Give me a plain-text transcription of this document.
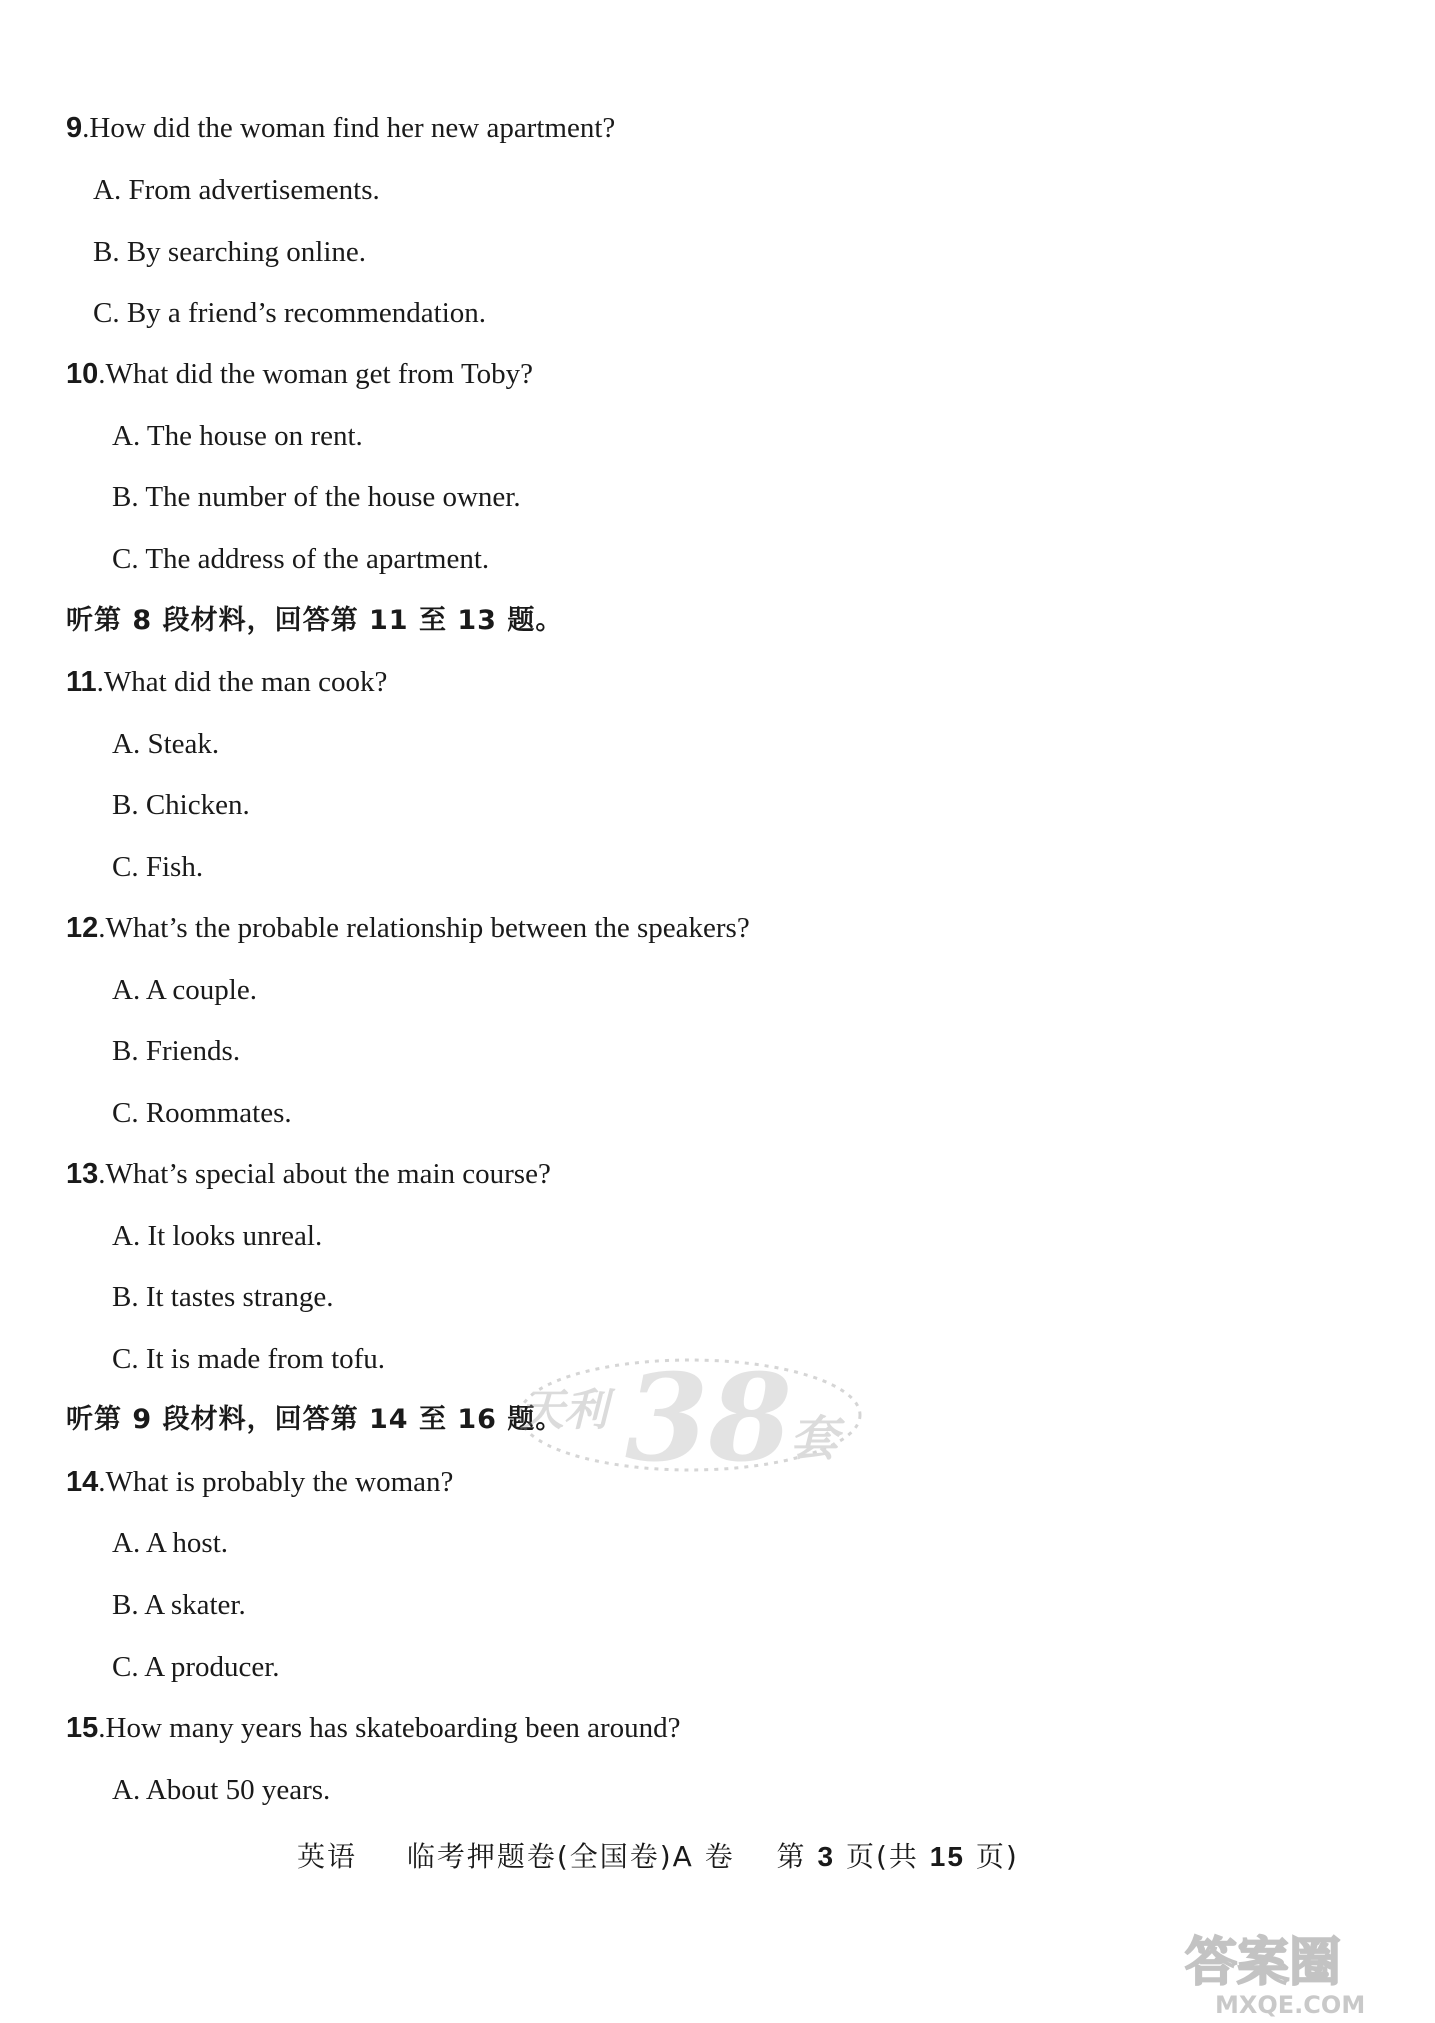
9.How did the woman find her new apartment?
A. From advertisements.
B. By searching online.
C. By a friend’s recommendation.
10.What did the woman get from Toby?
A. The house on rent.
B. The number of the house owner.
C. The address of the apartment.
听第 8 段材料，回答第 11 至 13 题。
11.What did the man cook?
A. Steak.
B. Chicken.
C. Fish.
12.What’s the probable relationship between the speakers?
A. A couple.
B. Friends.
C. Roommates.
13.What’s special about the main course?
A. It looks unreal.
B. It tastes strange.
C. It is made from tofu.
听第 9 段材料，回答第 14 至 16 题。
14.What is probably the woman?
A. A host.
B. A skater.
C. A producer.
15.How many years has skateboarding been around?
A. About 50 years.
英语 临考押题卷(全国卷)A 卷 第 3 页(共 15 页)
天利 38
套
答案圈
MXQE.COM
